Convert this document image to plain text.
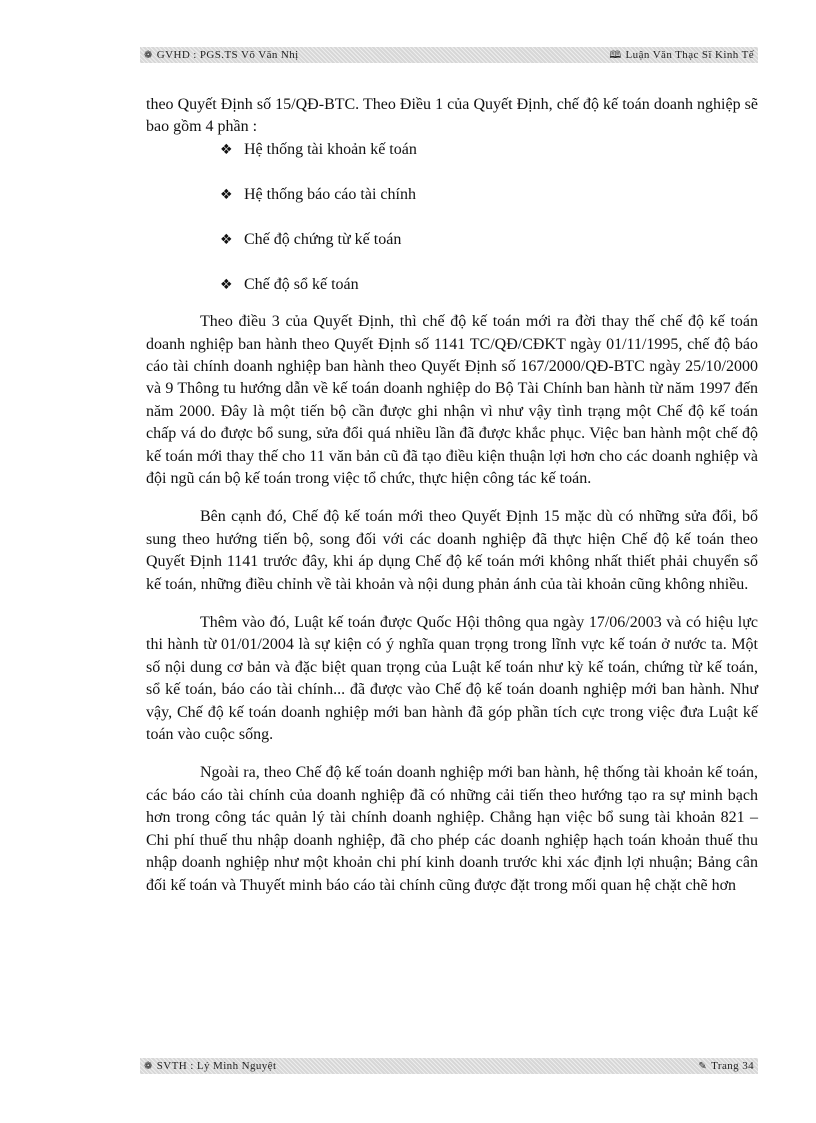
❁ GVHD : PGS.TS Võ Văn Nhị	🕮 Luận Văn Thạc Sĩ Kinh Tế

theo Quyết Định số 15/QĐ-BTC. Theo Điều 1 của Quyết Định, chế độ kế toán doanh nghiệp sẽ bao gồm 4 phần :

❖ Hệ thống tài khoản kế toán
❖ Hệ thống báo cáo tài chính
❖ Chế độ chứng từ kế toán
❖ Chế độ sổ kế toán

Theo điều 3 của Quyết Định, thì chế độ kế toán mới ra đời thay thế chế độ kế toán doanh nghiệp ban hành theo Quyết Định số 1141 TC/QĐ/CĐKT ngày 01/11/1995, chế độ báo cáo tài chính doanh nghiệp ban hành theo Quyết Định số 167/2000/QĐ-BTC ngày 25/10/2000 và 9 Thông tu hướng dẫn về kế toán doanh nghiệp do Bộ Tài Chính ban hành từ năm 1997 đến năm 2000. Đây là một tiến bộ cần được ghi nhận vì như vậy tình trạng một Chế độ kế toán chấp vá do được bổ sung, sửa đổi quá nhiều lần đã được khắc phục. Việc ban hành một chế độ kế toán mới thay thế cho 11 văn bản cũ đã tạo điều kiện thuận lợi hơn cho các doanh nghiệp và đội ngũ cán bộ kế toán trong việc tổ chức, thực hiện công tác kế toán.

Bên cạnh đó, Chế độ kế toán mới theo Quyết Định 15 mặc dù có những sửa đổi, bổ sung theo hướng tiến bộ, song đối với các doanh nghiệp đã thực hiện Chế độ kế toán theo Quyết Định 1141 trước đây, khi áp dụng Chế độ kế toán mới không nhất thiết phải chuyển sổ kế toán, những điều chỉnh về tài khoản và nội dung phản ánh của tài khoản cũng không nhiều.

Thêm vào đó, Luật kế toán được Quốc Hội thông qua ngày 17/06/2003 và có hiệu lực thi hành từ 01/01/2004 là sự kiện có ý nghĩa quan trọng trong lĩnh vực kế toán ở nước ta. Một số nội dung cơ bản và đặc biệt quan trọng của Luật kế toán như kỳ kế toán, chứng từ kế toán, sổ kế toán, báo cáo tài chính... đã được vào Chế độ kế toán doanh nghiệp mới ban hành. Như vậy, Chế độ kế toán doanh nghiệp mới ban hành đã góp phần tích cực trong việc đưa Luật kế toán vào cuộc sống.

Ngoài ra, theo Chế độ kế toán doanh nghiệp mới ban hành, hệ thống tài khoản kế toán, các báo cáo tài chính của doanh nghiệp đã có những cải tiến theo hướng tạo ra sự minh bạch hơn trong công tác quản lý tài chính doanh nghiệp. Chẳng hạn việc bổ sung tài khoản 821 – Chi phí thuế thu nhập doanh nghiệp, đã cho phép các doanh nghiệp hạch toán khoản thuế thu nhập doanh nghiệp như một khoản chi phí kinh doanh trước khi xác định lợi nhuận; Bảng cân đối kế toán và Thuyết minh báo cáo tài chính cũng được đặt trong mối quan hệ chặt chẽ hơn

❁ SVTH : Lý Minh Nguyệt	✎ Trang 34
